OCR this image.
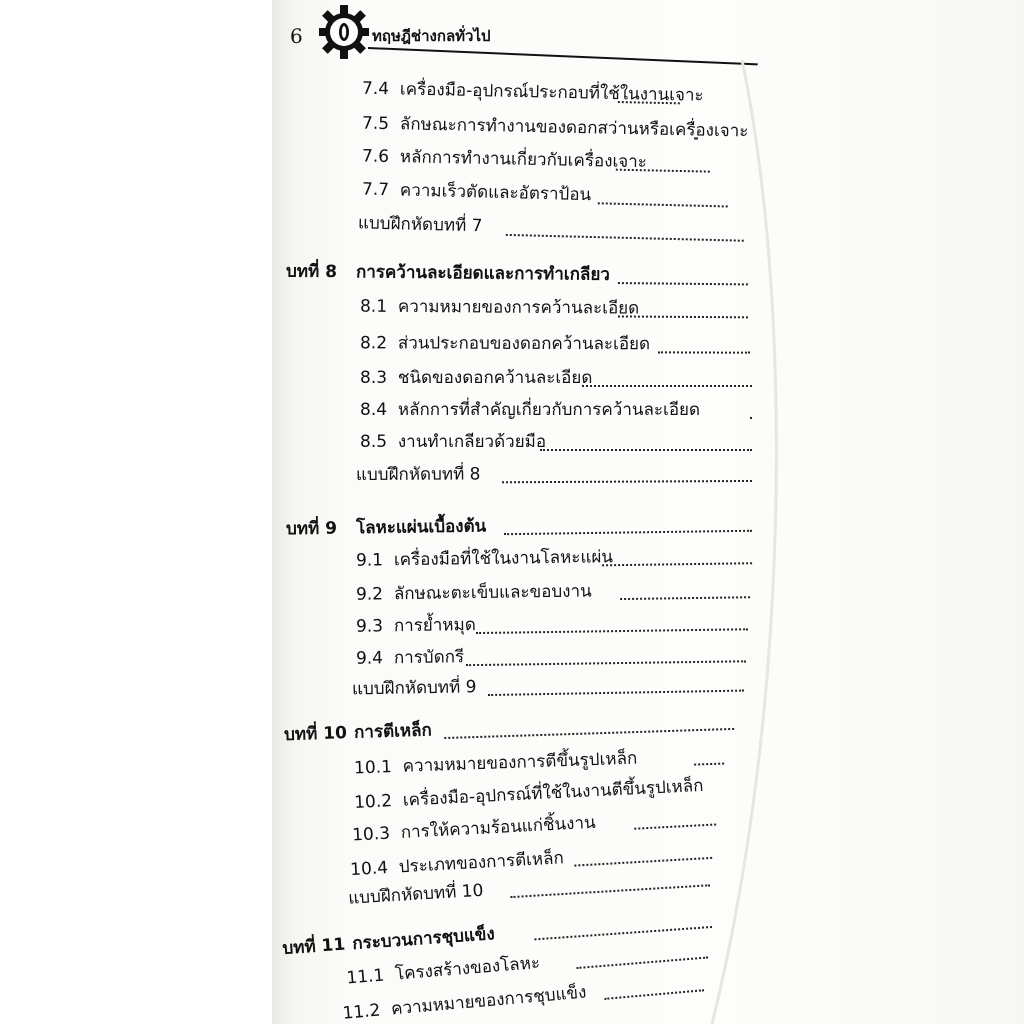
6	ทฤษฎีช่างกลทั่วไป
7.4 เครื่องมือ-อุปกรณ์ประกอบที่ใช้ในงานเจาะ
7.5 ลักษณะการทำงานของดอกสว่านหรือเครื่องเจาะ
7.6 หลักการทำงานเกี่ยวกับเครื่องเจาะ
7.7 ความเร็วตัดและอัตราป้อน
แบบฝึกหัดบทที่ 7
บทที่ 8 การคว้านละเอียดและการทำเกลียว
8.1 ความหมายของการคว้านละเอียด
8.2 ส่วนประกอบของดอกคว้านละเอียด
8.3 ชนิดของดอกคว้านละเอียด
8.4 หลักการที่สำคัญเกี่ยวกับการคว้านละเอียด
8.5 งานทำเกลียวด้วยมือ
แบบฝึกหัดบทที่ 8
บทที่ 9 โลหะแผ่นเบื้องต้น
9.1 เครื่องมือที่ใช้ในงานโลหะแผ่น
9.2 ลักษณะตะเข็บและขอบงาน
9.3 การย้ำหมุด
9.4 การบัดกรี
แบบฝึกหัดบทที่ 9
บทที่ 10 การตีเหล็ก
10.1 ความหมายของการตีขึ้นรูปเหล็ก
10.2 เครื่องมือ-อุปกรณ์ที่ใช้ในงานตีขึ้นรูปเหล็ก
10.3 การให้ความร้อนแก่ชิ้นงาน
10.4 ประเภทของการตีเหล็ก
แบบฝึกหัดบทที่ 10
บทที่ 11 กระบวนการชุบแข็ง
11.1 โครงสร้างของโลหะ
11.2 ความหมายของการชุบแข็ง
